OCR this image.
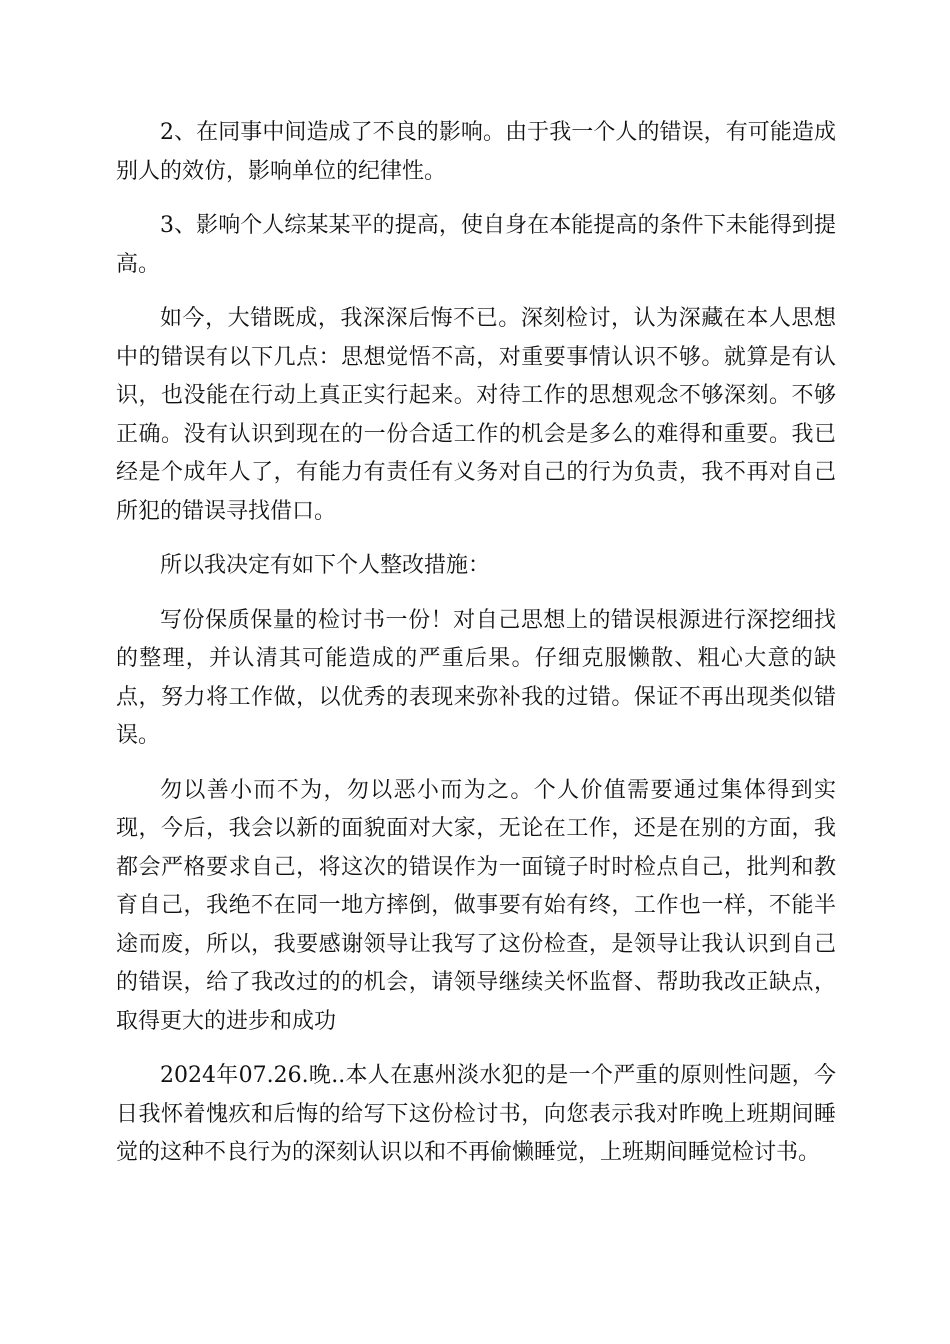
2、在同事中间造成了不良的影响。由于我一个人的错误，有可能造成别人的效仿，影响单位的纪律性。

3、影响个人综某某平的提高，使自身在本能提高的条件下未能得到提高。

如今，大错既成，我深深后悔不已。深刻检讨，认为深藏在本人思想中的错误有以下几点：思想觉悟不高，对重要事情认识不够。就算是有认识，也没能在行动上真正实行起来。对待工作的思想观念不够深刻。不够正确。没有认识到现在的一份合适工作的机会是多么的难得和重要。我已经是个成年人了，有能力有责任有义务对自己的行为负责，我不再对自己所犯的错误寻找借口。

所以我决定有如下个人整改措施：

写份保质保量的检讨书一份！对自己思想上的错误根源进行深挖细找的整理，并认清其可能造成的严重后果。仔细克服懒散、粗心大意的缺点，努力将工作做，以优秀的表现来弥补我的过错。保证不再出现类似错误。

勿以善小而不为，勿以恶小而为之。个人价值需要通过集体得到实现，今后，我会以新的面貌面对大家，无论在工作，还是在别的方面，我都会严格要求自己，将这次的错误作为一面镜子时时检点自己，批判和教育自己，我绝不在同一地方摔倒，做事要有始有终，工作也一样，不能半途而废，所以，我要感谢领导让我写了这份检查，是领导让我认识到自己的错误，给了我改过的的机会，请领导继续关怀监督、帮助我改正缺点，取得更大的进步和成功

2024年07.26.晚..本人在惠州淡水犯的是一个严重的原则性问题，今日我怀着愧疚和后悔的给写下这份检讨书，向您表示我对昨晚上班期间睡觉的这种不良行为的深刻认识以和不再偷懒睡觉，上班期间睡觉检讨书。
